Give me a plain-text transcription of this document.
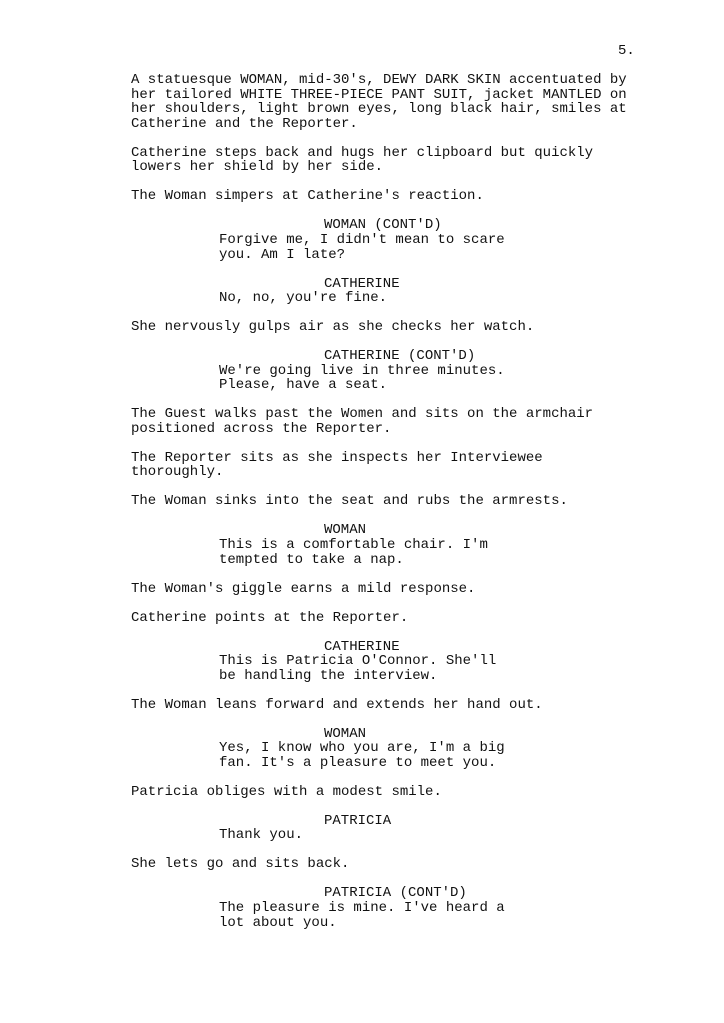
5.
A statuesque WOMAN, mid-30's, DEWY DARK SKIN accentuated by
her tailored WHITE THREE-PIECE PANT SUIT, jacket MANTLED on
her shoulders, light brown eyes, long black hair, smiles at
Catherine and the Reporter.
Catherine steps back and hugs her clipboard but quickly
lowers her shield by her side.
The Woman simpers at Catherine's reaction.
WOMAN (CONT'D)
Forgive me, I didn't mean to scare
you. Am I late?
CATHERINE
No, no, you're fine.
She nervously gulps air as she checks her watch.
CATHERINE (CONT'D)
We're going live in three minutes.
Please, have a seat.
The Guest walks past the Women and sits on the armchair
positioned across the Reporter.
The Reporter sits as she inspects her Interviewee
thoroughly.
The Woman sinks into the seat and rubs the armrests.
WOMAN
This is a comfortable chair. I'm
tempted to take a nap.
The Woman's giggle earns a mild response.
Catherine points at the Reporter.
CATHERINE
This is Patricia O'Connor. She'll
be handling the interview.
The Woman leans forward and extends her hand out.
WOMAN
Yes, I know who you are, I'm a big
fan. It's a pleasure to meet you.
Patricia obliges with a modest smile.
PATRICIA
Thank you.
She lets go and sits back.
PATRICIA (CONT'D)
The pleasure is mine. I've heard a
lot about you.
